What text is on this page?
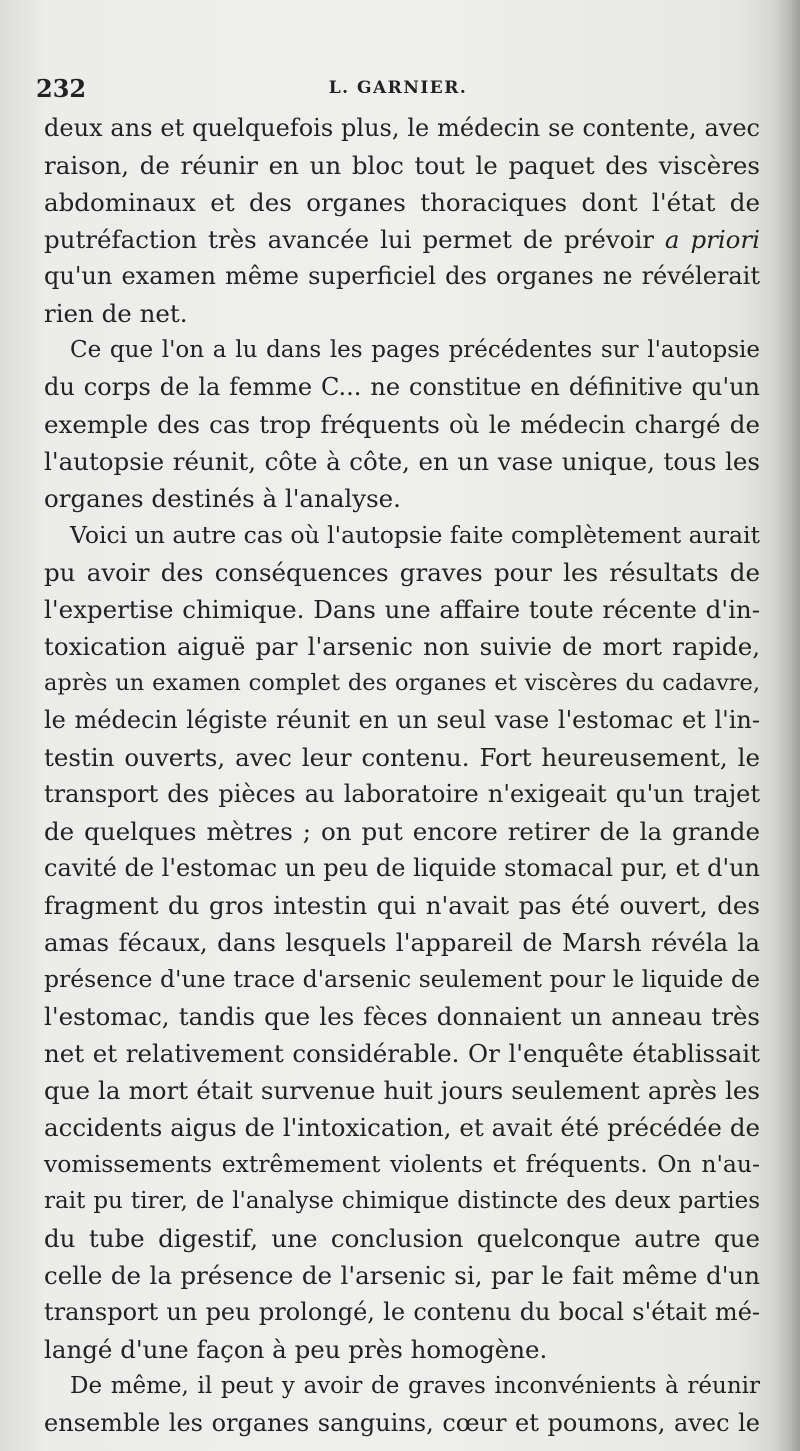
232	L. GARNIER.
deux ans et quelquefois plus, le médecin se contente, avec
raison, de réunir en un bloc tout le paquet des viscères
abdominaux et des organes thoraciques dont l'état de
putréfaction très avancée lui permet de prévoir a priori
qu'un examen même superficiel des organes ne révélerait
rien de net.
Ce que l'on a lu dans les pages précédentes sur l'autopsie
du corps de la femme C... ne constitue en définitive qu'un
exemple des cas trop fréquents où le médecin chargé de
l'autopsie réunit, côte à côte, en un vase unique, tous les
organes destinés à l'analyse.
Voici un autre cas où l'autopsie faite complètement aurait
pu avoir des conséquences graves pour les résultats de
l'expertise chimique. Dans une affaire toute récente d'in-
toxication aiguë par l'arsenic non suivie de mort rapide,
après un examen complet des organes et viscères du cadavre,
le médecin légiste réunit en un seul vase l'estomac et l'in-
testin ouverts, avec leur contenu. Fort heureusement, le
transport des pièces au laboratoire n'exigeait qu'un trajet
de quelques mètres ; on put encore retirer de la grande
cavité de l'estomac un peu de liquide stomacal pur, et d'un
fragment du gros intestin qui n'avait pas été ouvert, des
amas fécaux, dans lesquels l'appareil de Marsh révéla la
présence d'une trace d'arsenic seulement pour le liquide de
l'estomac, tandis que les fèces donnaient un anneau très
net et relativement considérable. Or l'enquête établissait
que la mort était survenue huit jours seulement après les
accidents aigus de l'intoxication, et avait été précédée de
vomissements extrêmement violents et fréquents. On n'au-
rait pu tirer, de l'analyse chimique distincte des deux parties
du tube digestif, une conclusion quelconque autre que
celle de la présence de l'arsenic si, par le fait même d'un
transport un peu prolongé, le contenu du bocal s'était mé-
langé d'une façon à peu près homogène.
De même, il peut y avoir de graves inconvénients à réunir
ensemble les organes sanguins, cœur et poumons, avec le
